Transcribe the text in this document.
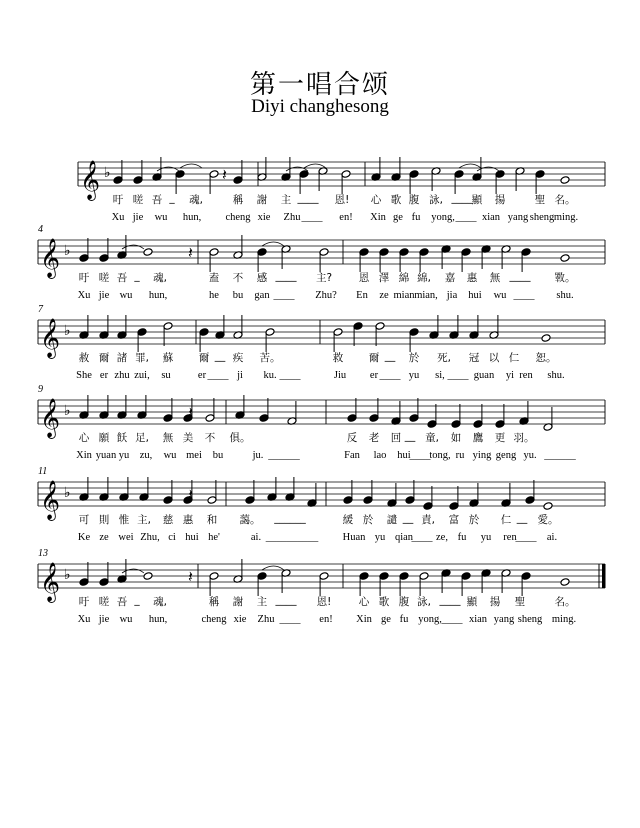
第一唱合颂
Diyi changhesong
𝄞 ♭	𝄽
吁 嗟 吾 _ 魂,	稱 謝 主 ____ 恩! 心 歌 腹 詠, ____ 顯 揚	聖 名。
Xu jie wu hun, cheng xie Zhu ____ en! Xin ge fu yong, ____ xian yang sheng ming.
4
𝄞 ♭	𝄽
吁 嗟 吾 _ 魂,	盍 不 感 ____ 主?	恩 澤 綿 綿, 嘉 惠 無 ____ 斁。
Xu jie wu hun,	he bu gan ____ Zhu? En ze mian mian, jia hui wu ____ shu.
7
𝄞 ♭
赦 爾 諸 罪, 蘇 爾 __ 疾 苦。	救 爾 __ 於 死, 冠 以 仁 恕。
She er zhu zui, su	er ____ ji ku. ____	Jiu er ____ yu si, ____ guan yi ren shu.
9
𝄞 ♭	𝄽
心 願 飫 足, 無 美 不 俱。	反 老 回 __ 童, 如 鷹 更 羽。
Xin yuan yu zu, wu mei bu	ju. ______	Fan lao hui
____
tong, ru ying geng yu. ______
11
𝄞 ♭	𝄽
可 則 惟 主, 慈 惠 和 藹。 ______	緩 於 譴 __ 責, 富 於 仁 __ 愛。
Ke ze wei Zhu, ci hui he'	ai. __________ Huan yu qian
____ ze, fu yu ren
____ ai.
13
𝄞 ♭	𝄽
吁 嗟 吾 _ 魂,	稱 謝 主 ____ 恩!	心 歌 腹 詠, ____ 顯 揚 聖	名。
Xu jie wu hun,	cheng xie Zhu ____ en! Xin ge fu yong, ____ xian yang sheng ming.
